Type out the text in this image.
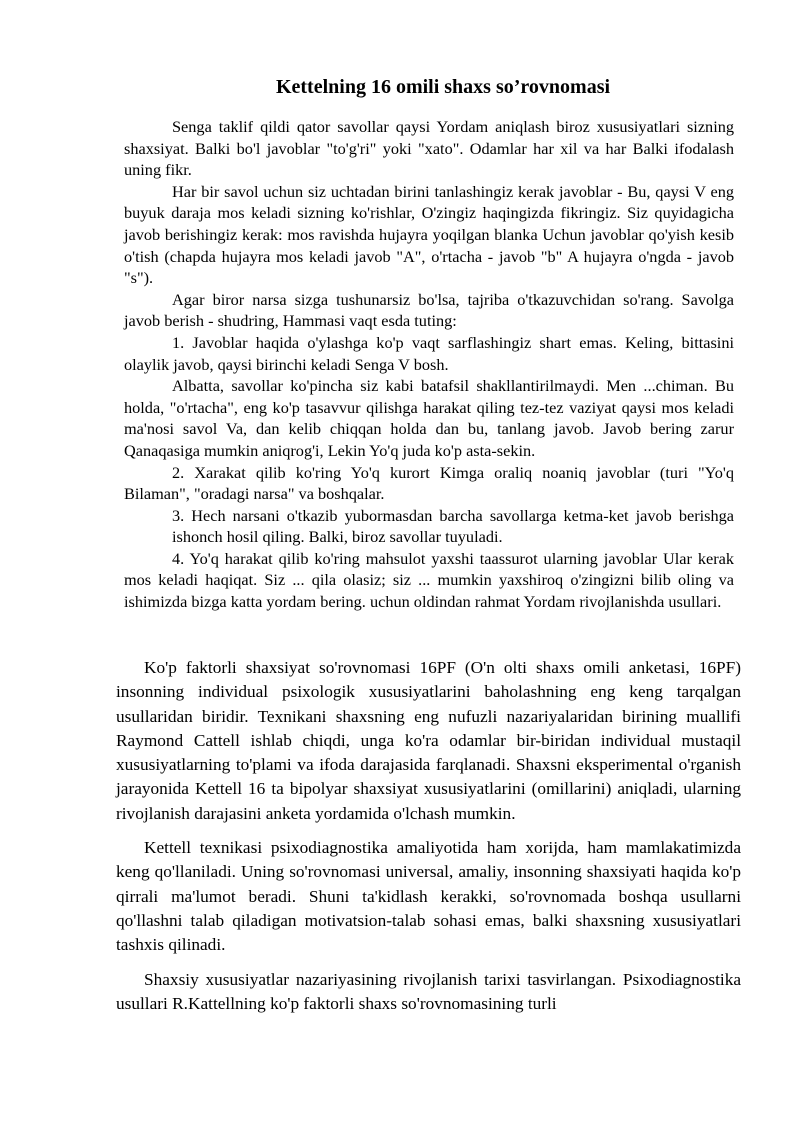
Kettelning 16 omili shaxs so’rovnomasi

Senga taklif qildi qator savollar qaysi Yordam aniqlash biroz xususiyatlari sizning shaxsiyat. Balki bo'l javoblar "to'g'ri" yoki "xato". Odamlar har xil va har Balki ifodalash uning fikr.

Har bir savol uchun siz uchtadan birini tanlashingiz kerak javoblar - Bu, qaysi V eng buyuk daraja mos keladi sizning ko'rishlar, O'zingiz haqingizda fikringiz. Siz quyidagicha javob berishingiz kerak: mos ravishda hujayra yoqilgan blanka Uchun javoblar qo'yish kesib o'tish (chapda hujayra mos keladi javob "A", o'rtacha - javob "b" A hujayra o'ngda - javob "s").

Agar biror narsa sizga tushunarsiz bo'lsa, tajriba o'tkazuvchidan so'rang. Savolga javob berish - shudring, Hammasi vaqt esda tuting:

1. Javoblar haqida o'ylashga ko'p vaqt sarflashingiz shart emas. Keling, bittasini olaylik javob, qaysi birinchi keladi Senga V bosh.

Albatta, savollar ko'pincha siz kabi batafsil shakllantirilmaydi. Men ...chiman. Bu holda, "o'rtacha", eng ko'p tasavvur qilishga harakat qiling tez-tez vaziyat qaysi mos keladi ma'nosi savol Va, dan kelib chiqqan holda dan bu, tanlang javob. Javob bering zarur Qanaqasiga mumkin aniqrog'i, Lekin Yo'q juda ko'p asta-sekin.

2. Xarakat qilib ko'ring Yo'q kurort Kimga oraliq noaniq javoblar (turi "Yo'q Bilaman", "oradagi narsa" va boshqalar.

3. Hech narsani o'tkazib yubormasdan barcha savollarga ketma-ket javob berishga ishonch hosil qiling. Balki, biroz savollar tuyuladi.

4. Yo'q harakat qilib ko'ring mahsulot yaxshi taassurot ularning javoblar Ular kerak mos keladi haqiqat. Siz ... qila olasiz; siz ... mumkin yaxshiroq o'zingizni bilib oling va ishimizda bizga katta yordam bering. uchun oldindan rahmat Yordam rivojlanishda usullari.

Ko'p faktorli shaxsiyat so'rovnomasi 16PF (O'n olti shaxs omili anketasi, 16PF) insonning individual psixologik xususiyatlarini baholashning eng keng tarqalgan usullaridan biridir. Texnikani shaxsning eng nufuzli nazariyalaridan birining muallifi Raymond Cattell ishlab chiqdi, unga ko'ra odamlar bir-biridan individual mustaqil xususiyatlarning to'plami va ifoda darajasida farqlanadi. Shaxsni eksperimental o'rganish jarayonida Kettell 16 ta bipolyar shaxsiyat xususiyatlarini (omillarini) aniqladi, ularning rivojlanish darajasini anketa yordamida o'lchash mumkin.

Kettell texnikasi psixodiagnostika amaliyotida ham xorijda, ham mamlakatimizda keng qo'llaniladi. Uning so'rovnomasi universal, amaliy, insonning shaxsiyati haqida ko'p qirrali ma'lumot beradi. Shuni ta'kidlash kerakki, so'rovnomada boshqa usullarni qo'llashni talab qiladigan motivatsion-talab sohasi emas, balki shaxsning xususiyatlari tashxis qilinadi.

Shaxsiy xususiyatlar nazariyasining rivojlanish tarixi tasvirlangan. Psixodiagnostika usullari R.Kattellning ko'p faktorli shaxs so'rovnomasining turli
